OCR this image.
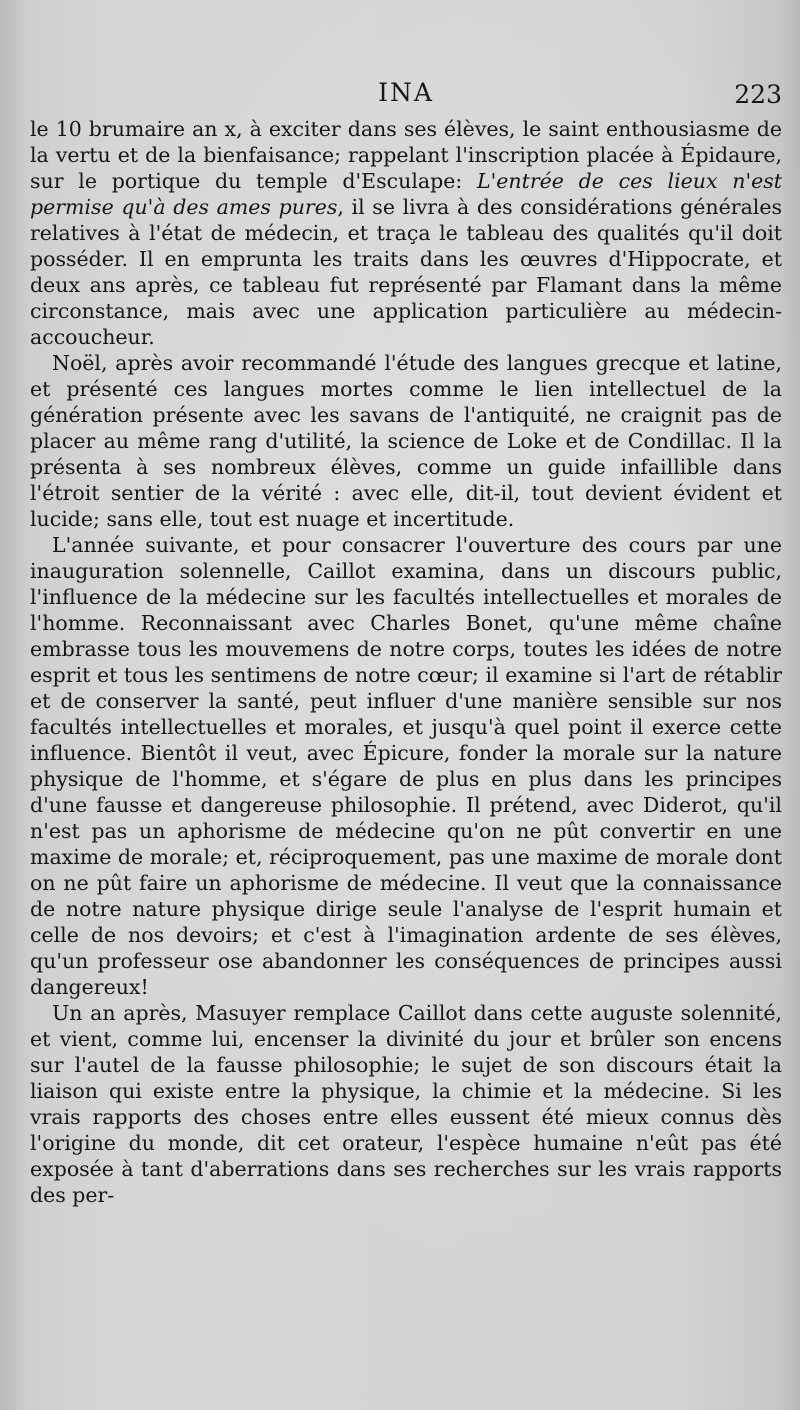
INA	223

le 10 brumaire an x, à exciter dans ses élèves, le saint enthousiasme de la vertu et de la bienfaisance; rappelant l'inscription placée à Épidaure, sur le portique du temple d'Esculape: L'entrée de ces lieux n'est permise qu'à des ames pures, il se livra à des considérations générales relatives à l'état de médecin, et traça le tableau des qualités qu'il doit posséder. Il en emprunta les traits dans les œuvres d'Hippocrate, et deux ans après, ce tableau fut représenté par Flamant dans la même circonstance, mais avec une application particulière au médecin-accoucheur.

Noël, après avoir recommandé l'étude des langues grecque et latine, et présenté ces langues mortes comme le lien intellectuel de la génération présente avec les savans de l'antiquité, ne craignit pas de placer au même rang d'utilité, la science de Loke et de Condillac. Il la présenta à ses nombreux élèves, comme un guide infaillible dans l'étroit sentier de la vérité : avec elle, dit-il, tout devient évident et lucide; sans elle, tout est nuage et incertitude.

L'année suivante, et pour consacrer l'ouverture des cours par une inauguration solennelle, Caillot examina, dans un discours public, l'influence de la médecine sur les facultés intellectuelles et morales de l'homme. Reconnaissant avec Charles Bonet, qu'une même chaîne embrasse tous les mouvemens de notre corps, toutes les idées de notre esprit et tous les sentimens de notre cœur; il examine si l'art de rétablir et de conserver la santé, peut influer d'une manière sensible sur nos facultés intellectuelles et morales, et jusqu'à quel point il exerce cette influence. Bientôt il veut, avec Épicure, fonder la morale sur la nature physique de l'homme, et s'égare de plus en plus dans les principes d'une fausse et dangereuse philosophie. Il prétend, avec Diderot, qu'il n'est pas un aphorisme de médecine qu'on ne pût convertir en une maxime de morale; et, réciproquement, pas une maxime de morale dont on ne pût faire un aphorisme de médecine. Il veut que la connaissance de notre nature physique dirige seule l'analyse de l'esprit humain et celle de nos devoirs; et c'est à l'imagination ardente de ses élèves, qu'un professeur ose abandonner les conséquences de principes aussi dangereux!

Un an après, Masuyer remplace Caillot dans cette auguste solennité, et vient, comme lui, encenser la divinité du jour et brûler son encens sur l'autel de la fausse philosophie; le sujet de son discours était la liaison qui existe entre la physique, la chimie et la médecine. Si les vrais rapports des choses entre elles eussent été mieux connus dès l'origine du monde, dit cet orateur, l'espèce humaine n'eût pas été exposée à tant d'aberrations dans ses recherches sur les vrais rapports des per-
